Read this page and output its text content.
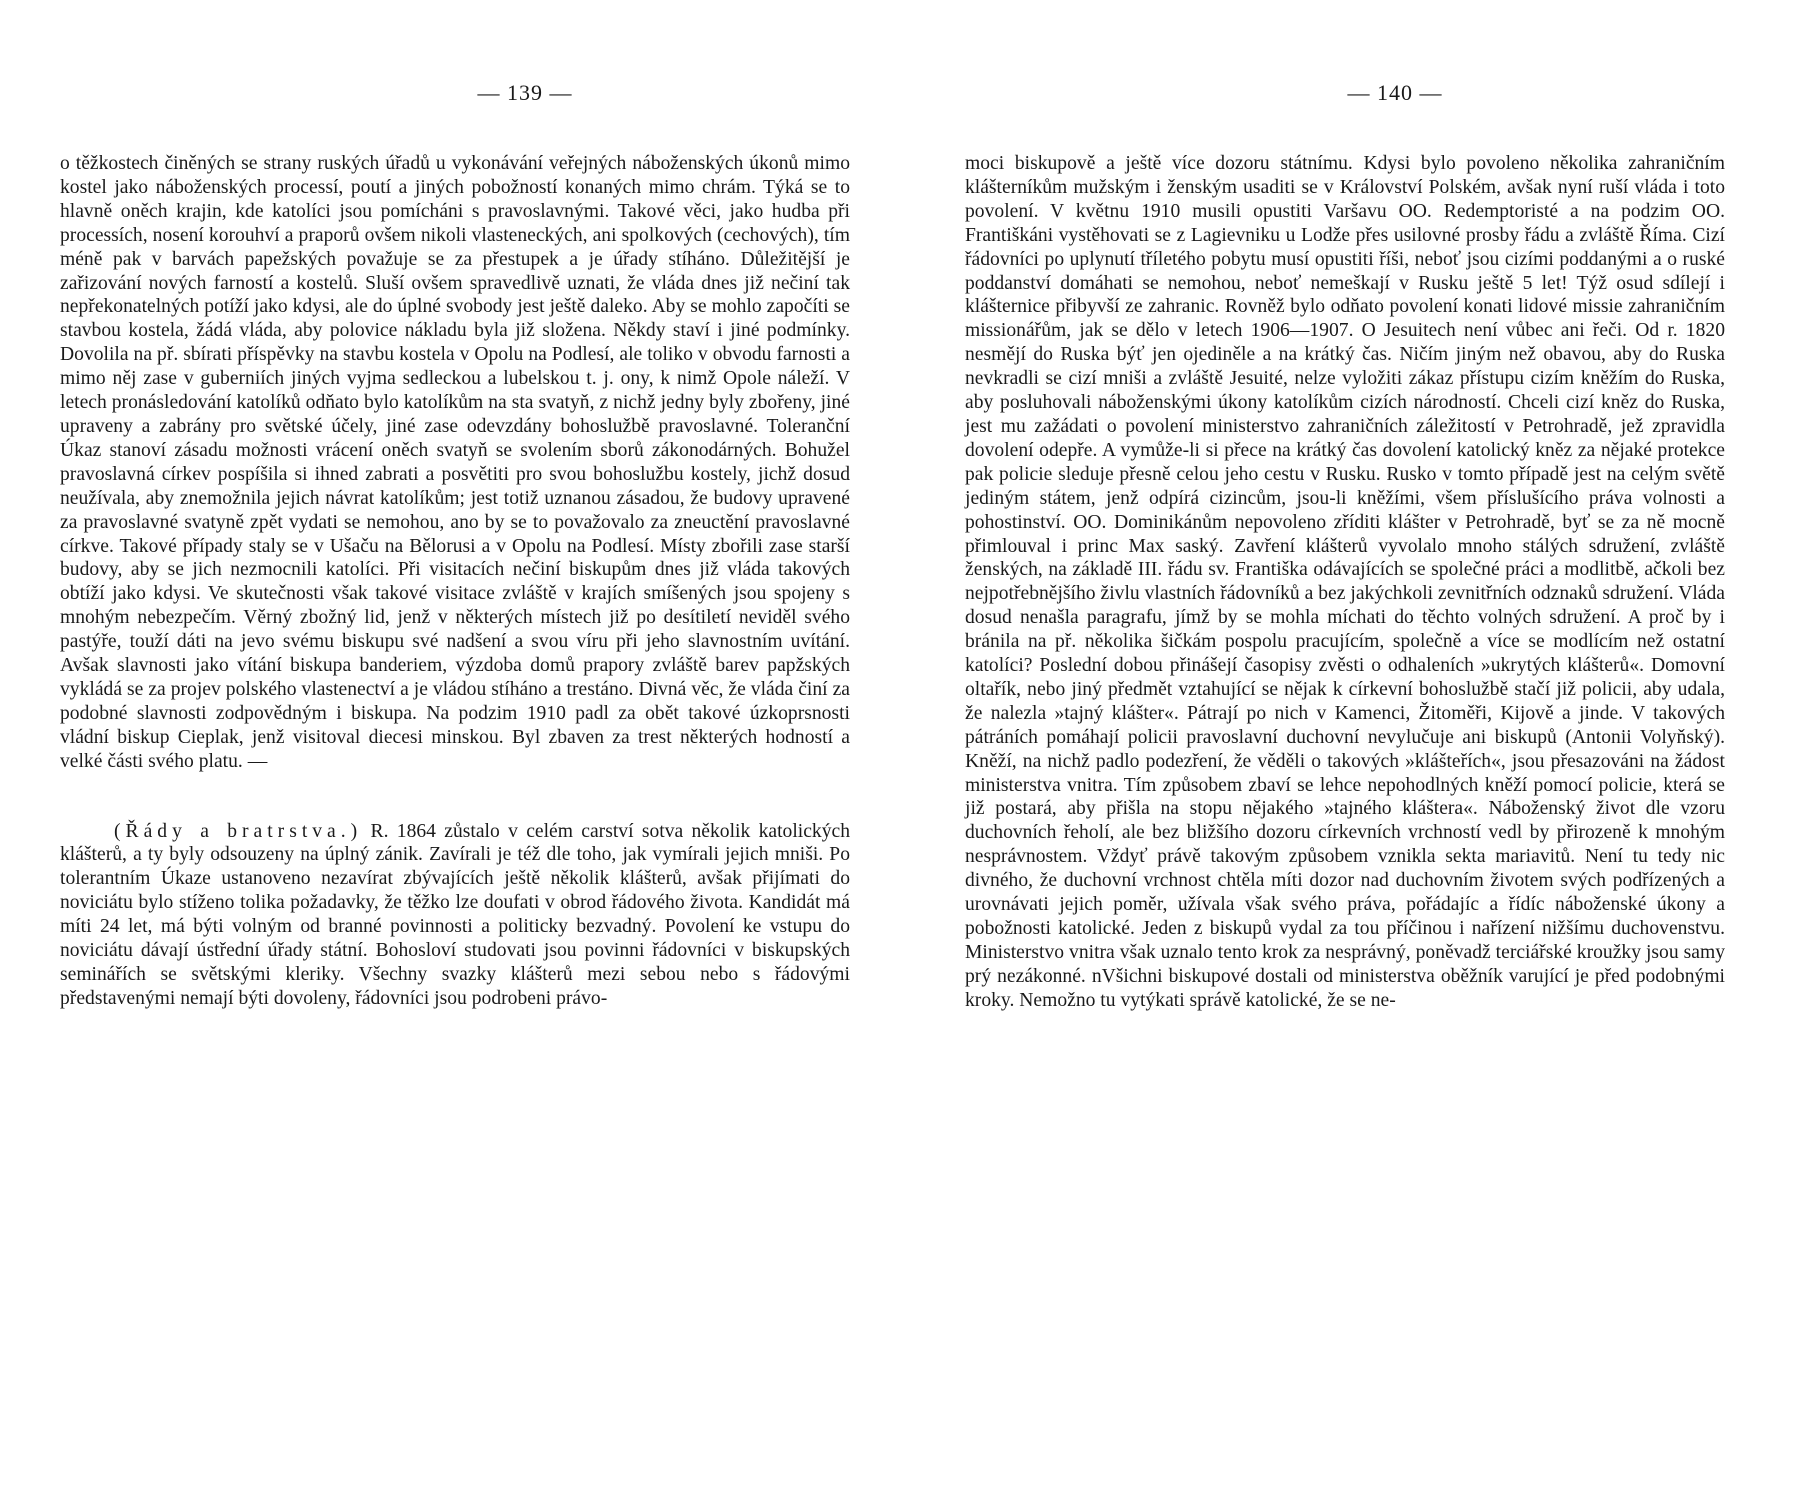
— 139 —

o těžkostech činěných se strany ruských úřadů u vykonávání veřejných náboženských úkonů mimo kostel jako náboženských processí, poutí a jiných pobožností konaných mimo chrám. Týká se to hlavně oněch krajin, kde katolíci jsou pomícháni s pravoslavnými. Takové věci, jako hudba při processích, nosení korouhví a praporů ovšem nikoli vlasteneckých, ani spolkových (cechových), tím méně pak v barvách papežských považuje se za přestupek a je úřady stíháno. Důležitější je zařizování nových farností a kostelů. Sluší ovšem spravedlivě uznati, že vláda dnes již nečiní tak nepřekonatelných potíží jako kdysi, ale do úplné svobody jest ještě daleko. Aby se mohlo započíti se stavbou kostela, žádá vláda, aby polovice nákladu byla již složena. Někdy staví i jiné podmínky. Dovolila na př. sbírati příspěvky na stavbu kostela v Opolu na Podlesí, ale toliko v obvodu farnosti a mimo něj zase v guberniích jiných vyjma sedleckou a lubelskou t. j. ony, k nimž Opole náleží. V letech pronásledování katolíků odňato bylo katolíkům na sta svatyň, z nichž jedny byly zbořeny, jiné upraveny a zabrány pro světské účely, jiné zase odevzdány bohoslužbě pravoslavné. Toleranční Úkaz stanoví zásadu možnosti vrácení oněch svatyň se svolením sborů zákonodárných. Bohužel pravoslavná církev pospíšila si ihned zabrati a posvětiti pro svou bohoslužbu kostely, jichž dosud neužívala, aby znemožnila jejich návrat katolíkům; jest totiž uznanou zásadou, že budovy upravené za pravoslavné svatyně zpět vydati se nemohou, ano by se to považovalo za zneuctění pravoslavné církve. Takové případy staly se v Ušaču na Bělorusi a v Opolu na Podlesí. Místy zbořili zase starší budovy, aby se jich nezmocnili katolíci. Při visitacích nečiní biskupům dnes již vláda takových obtíží jako kdysi. Ve skutečnosti však takové visitace zvláště v krajích smíšených jsou spojeny s mnohým nebezpečím. Věrný zbožný lid, jenž v některých místech již po desítiletí neviděl svého pastýře, touží dáti na jevo svému biskupu své nadšení a svou víru při jeho slavnostním uvítání. Avšak slavnosti jako vítání biskupa banderiem, výzdoba domů prapory zvláště barev papžských vykládá se za projev polského vlastenectví a je vládou stíháno a trestáno. Divná věc, že vláda činí za podobné slavnosti zodpovědným i biskupa. Na podzim 1910 padl za obět takové úzkoprsnosti vládní biskup Cieplak, jenž visitoval diecesi minskou. Byl zbaven za trest některých hodností a velké části svého platu. —

(Řády a bratrstva.) R. 1864 zůstalo v celém carství sotva několik katolických klášterů, a ty byly odsouzeny na úplný zánik. Zavírali je též dle toho, jak vymírali jejich mniši. Po tolerantním Úkaze ustanoveno nezavírat zbývajících ještě několik klášterů, avšak přijímati do noviciátu bylo stíženo tolika požadavky, že těžko lze doufati v obrod řádového života. Kandidát má míti 24 let, má býti volným od branné povinnosti a politicky bezvadný. Povolení ke vstupu do noviciátu dávají ústřední úřady státní. Bohosloví studovati jsou povinni řádovníci v biskupských seminářích se světskými kleriky. Všechny svazky klášterů mezi sebou nebo s řádovými představenými nemají býti dovoleny, řádovníci jsou podrobeni právo-

— 140 —

moci biskupově a ještě více dozoru státnímu. Kdysi bylo povoleno několika zahraničním klášterníkům mužským i ženským usaditi se v Království Polském, avšak nyní ruší vláda i toto povolení. V květnu 1910 musili opustiti Varšavu OO. Redemptoristé a na podzim OO. Františkáni vystěhovati se z Lagievniku u Lodže přes usilovné prosby řádu a zvláště Říma. Cizí řádovníci po uplynutí tříletého pobytu musí opustiti říši, neboť jsou cizími poddanými a o ruské poddanství domáhati se nemohou, neboť nemeškají v Rusku ještě 5 let! Týž osud sdílejí i klášternice přibyvší ze zahranic. Rovněž bylo odňato povolení konati lidové missie zahraničním missionářům, jak se dělo v letech 1906—1907. O Jesuitech není vůbec ani řeči. Od r. 1820 nesmějí do Ruska býť jen ojediněle a na krátký čas. Ničím jiným než obavou, aby do Ruska nevkradli se cizí mniši a zvláště Jesuité, nelze vyložiti zákaz přístupu cizím kněžím do Ruska, aby posluhovali náboženskými úkony katolíkům cizích národností. Chceli cizí kněz do Ruska, jest mu zažádati o povolení ministerstvo zahraničních záležitostí v Petrohradě, jež zpravidla dovolení odepře. A vymůže-li si přece na krátký čas dovolení katolický kněz za nějaké protekce pak policie sleduje přesně celou jeho cestu v Rusku. Rusko v tomto případě jest na celým světě jediným státem, jenž odpírá cizincům, jsou-li kněžími, všem příslušícího práva volnosti a pohostinství. OO. Dominikánům nepovoleno zříditi klášter v Petrohradě, byť se za ně mocně přimlouval i princ Max saský. Zavření klášterů vyvolalo mnoho stálých sdružení, zvláště ženských, na základě III. řádu sv. Františka odávajících se společné práci a modlitbě, ačkoli bez nejpotřebnějšího živlu vlastních řádovníků a bez jakýchkoli zevnitřních odznaků sdružení. Vláda dosud nenašla paragrafu, jímž by se mohla míchati do těchto volných sdružení. A proč by i bránila na př. několika šičkám pospolu pracujícím, společně a více se modlícím než ostatní katolíci? Poslední dobou přinášejí časopisy zvěsti o odhaleních »ukrytých klášterů«. Domovní oltařík, nebo jiný předmět vztahující se nějak k církevní bohoslužbě stačí již policii, aby udala, že nalezla »tajný klášter«. Pátrají po nich v Kamenci, Žitoměři, Kijově a jinde. V takových pátráních pomáhají policii pravoslavní duchovní nevylučuje ani biskupů (Antonii Volyňský). Kněží, na nichž padlo podezření, že věděli o takových »klášteřích«, jsou přesazováni na žádost ministerstva vnitra. Tím způsobem zbaví se lehce nepohodlných kněží pomocí policie, která se již postará, aby přišla na stopu nějakého »tajného kláštera«. Náboženský život dle vzoru duchovních řeholí, ale bez bližšího dozoru církevních vrchností vedl by přirozeně k mnohým nesprávnostem. Vždyť právě takovým způsobem vznikla sekta mariavitů. Není tu tedy nic divného, že duchovní vrchnost chtěla míti dozor nad duchovním životem svých podřízených a urovnávati jejich poměr, užívala však svého práva, pořádajíc a řídíc náboženské úkony a pobožnosti katolické. Jeden z biskupů vydal za tou příčinou i nařízení nižšímu duchovenstvu. Ministerstvo vnitra však uznalo tento krok za nesprávný, poněvadž terciářské kroužky jsou samy prý nezákonné. nVšichni biskupové dostali od ministerstva oběžník varující je před podobnými kroky. Nemožno tu vytýkati správě katolické, že se ne-
